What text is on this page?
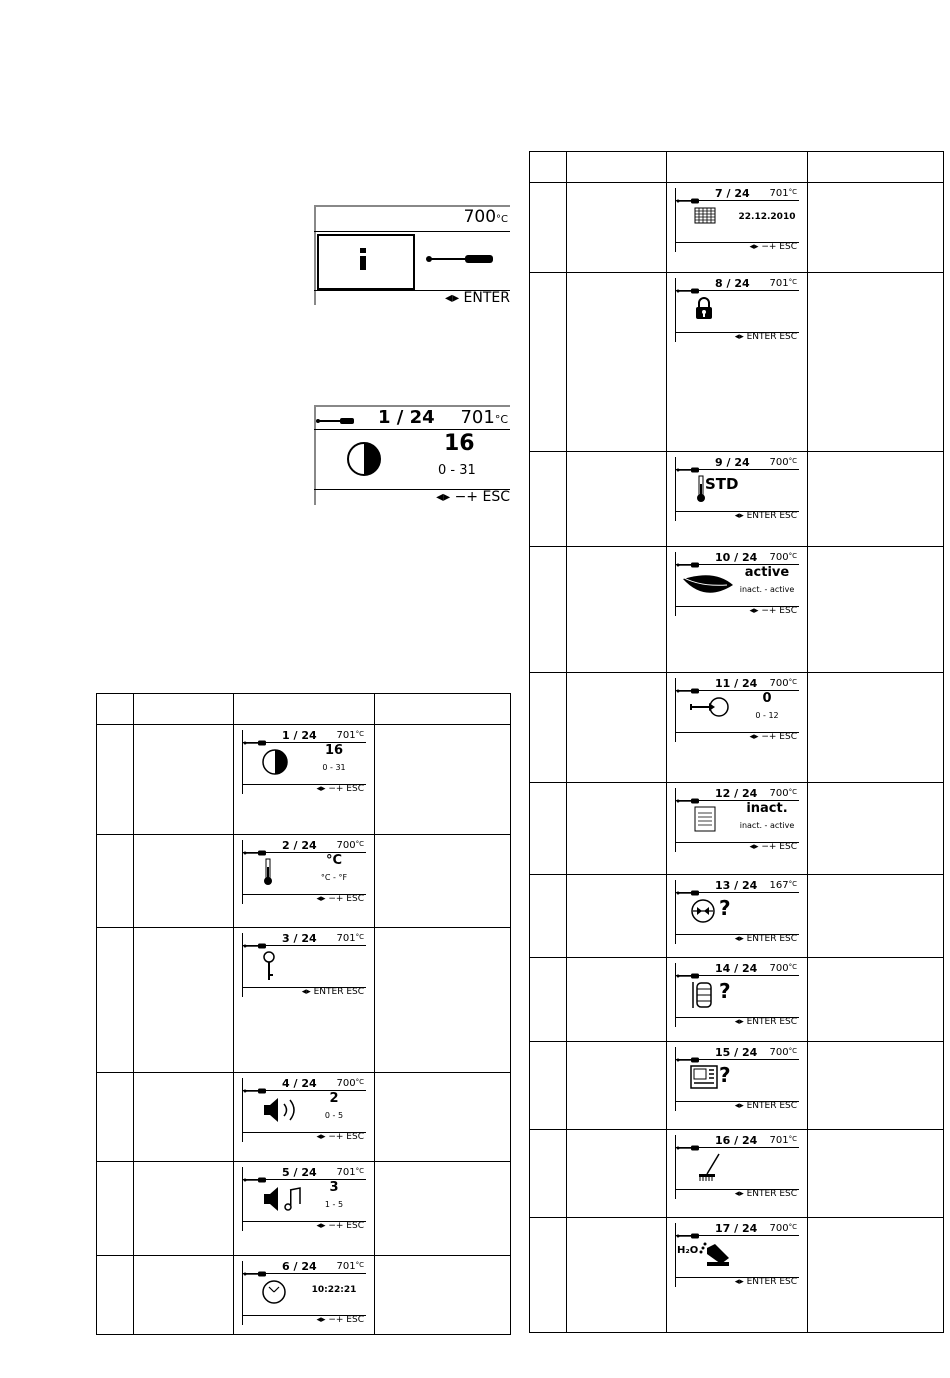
700°C
◂▸ ENTER
1 / 24 701°C
16
0 - 31
◂▸ −+ ESC

		1 / 24 $701^{^\circ C}$
16
0 - 31
◂▸ −+ ESC	

		2 / 24 $700^{^\circ C}$
°C
°C - °F
◂▸ −+ ESC	

		3 / 24 $701^{^\circ C}$
◂▸ ENTER ESC	

		4 / 24 $700^{^\circ C}$
2
0 - 5
◂▸ −+ ESC	

		5 / 24 $701^{^\circ C}$
3
1 - 5
◂▸ −+ ESC	

		6 / 24 $701^{^\circ C}$
10:22:21
◂▸ −+ ESC	

		7 / 24 $701^{^\circ C}$
22.12.2010
◂▸ −+ ESC	

		8 / 24 $701^{^\circ C}$
◂▸ ENTER ESC	

		9 / 24 $700^{^\circ C}$
STD
◂▸ ENTER ESC	

		10 / 24 $700^{^\circ C}$
active
inact. - active
◂▸ −+ ESC	

		11 / 24 $700^{^\circ C}$
0
0 - 12
◂▸ −+ ESC	

		12 / 24 $700^{^\circ C}$
inact.
inact. - active
◂▸ −+ ESC	

		13 / 24 $167^{^\circ C}$
?
◂▸ ENTER ESC	

		14 / 24 $700^{^\circ C}$
?
◂▸ ENTER ESC	

		15 / 24 $700^{^\circ C}$
?
◂▸ ENTER ESC	

		16 / 24 $701^{^\circ C}$
◂▸ ENTER ESC	

		17 / 24 $700^{^\circ C}$
H₂O
◂▸ ENTER ESC	
